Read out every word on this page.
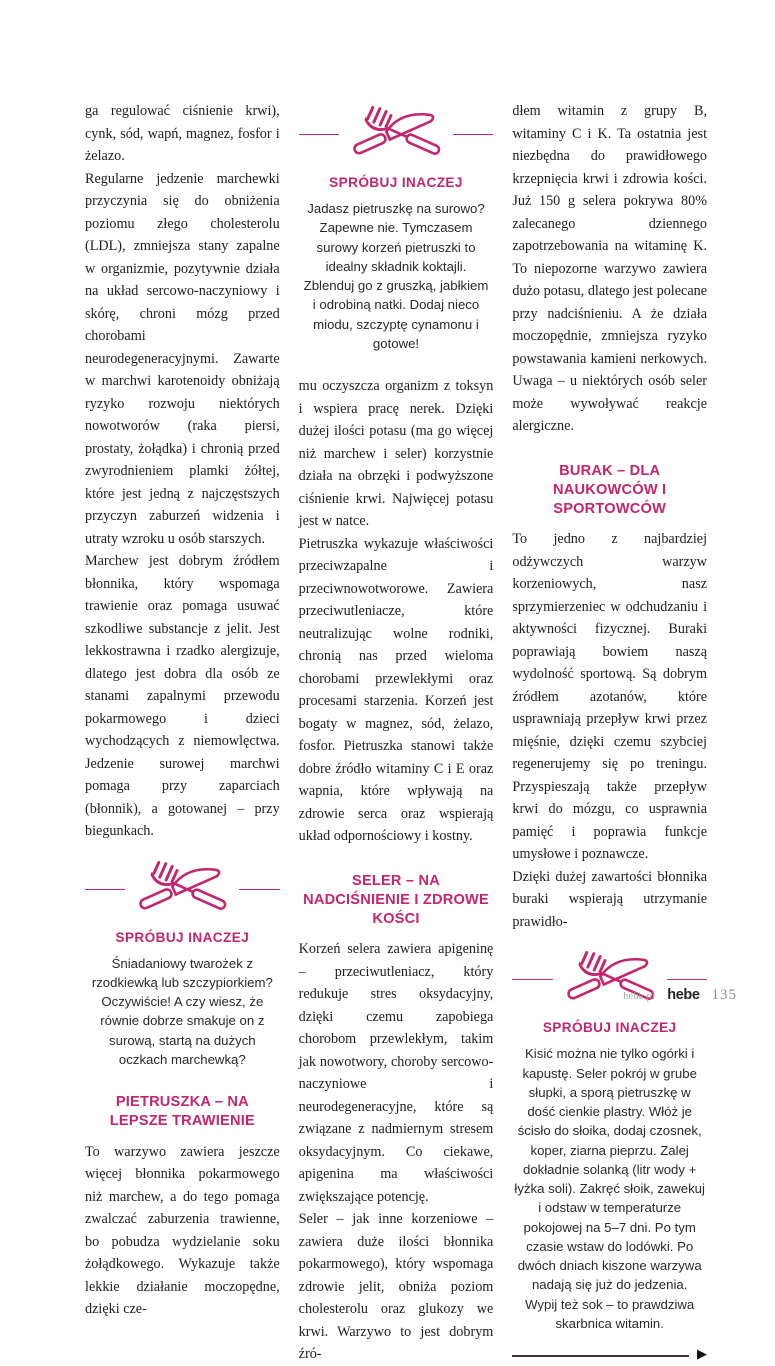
ga regulować ciśnienie krwi), cynk, sód, wapń, magnez, fosfor i żelazo.

Regularne jedzenie marchewki przyczynia się do obniżenia poziomu złego cholesterolu (LDL), zmniejsza stany zapalne w organizmie, pozytywnie działa na układ sercowo-naczyniowy i skórę, chroni mózg przed chorobami neurodegeneracyjnymi. Zawarte w marchwi karotenoidy obniżają ryzyko rozwoju niektórych nowotworów (raka piersi, prostaty, żołądka) i chronią przed zwyrodnieniem plamki żółtej, które jest jedną z najczęstszych przyczyn zaburzeń widzenia i utraty wzroku u osób starszych.

Marchew jest dobrym źródłem błonnika, który wspomaga trawienie oraz pomaga usuwać szkodliwe substancje z jelit. Jest lekkostrawna i rzadko alergizuje, dlatego jest dobra dla osób ze stanami zapalnymi przewodu pokarmowego i dzieci wychodzących z niemowlęctwa. Jedzenie surowej marchwi pomaga przy zaparciach (błonnik), a gotowanej – przy biegunkach.

SPRÓBUJ INACZEJ

Śniadaniowy twarożek z rzodkiewką lub szczypiorkiem? Oczywiście! A czy wiesz, że równie dobrze smakuje on z surową, startą na dużych oczkach marchewką?

PIETRUSZKA – NA LEPSZE TRAWIENIE

To warzywo zawiera jeszcze więcej błonnika pokarmowego niż marchew, a do tego pomaga zwalczać zaburzenia trawienne, bo pobudza wydzielanie soku żołądkowego. Wykazuje także lekkie działanie moczopędne, dzięki cze-

SPRÓBUJ INACZEJ

Jadasz pietruszkę na surowo? Zapewne nie. Tymczasem surowy korzeń pietruszki to idealny składnik koktajli. Zblenduj go z gruszką, jabłkiem i odrobiną natki. Dodaj nieco miodu, szczyptę cynamonu i gotowe!

mu oczyszcza organizm z toksyn i wspiera pracę nerek. Dzięki dużej ilości potasu (ma go więcej niż marchew i seler) korzystnie działa na obrzęki i podwyższone ciśnienie krwi. Najwięcej potasu jest w natce.

Pietruszka wykazuje właściwości przeciwzapalne i przeciwnowotworowe. Zawiera przeciwutleniacze, które neutralizując wolne rodniki, chronią nas przed wieloma chorobami przewlekłymi oraz procesami starzenia. Korzeń jest bogaty w magnez, sód, żelazo, fosfor. Pietruszka stanowi także dobre źródło witaminy C i E oraz wapnia, które wpływają na zdrowie serca oraz wspierają układ odpornościowy i kostny.

SELER – NA NADCIŚNIENIE I ZDROWE KOŚCI

Korzeń selera zawiera apigeninę – przeciwutleniacz, który redukuje stres oksydacyjny, dzięki czemu zapobiega chorobom przewlekłym, takim jak nowotwory, choroby sercowo-naczyniowe i neurodegeneracyjne, które są związane z nadmiernym stresem oksydacyjnym. Co ciekawe, apigenina ma właściwości zwiększające potencję.

Seler – jak inne korzeniowe – zawiera duże ilości błonnika pokarmowego), który wspomaga zdrowie jelit, obniża poziom cholesterolu oraz glukozy we krwi. Warzywo to jest dobrym źró-

dłem witamin z grupy B, witaminy C i K. Ta ostatnia jest niezbędna do prawidłowego krzepnięcia krwi i zdrowia kości. Już 150 g selera pokrywa 80% zalecanego dziennego zapotrzebowania na witaminę K. To niepozorne warzywo zawiera dużo potasu, dlatego jest polecane przy nadciśnieniu. A że działa moczopędnie, zmniejsza ryzyko powstawania kamieni nerkowych. Uwaga – u niektórych osób seler może wywoływać reakcje alergiczne.

BURAK – DLA NAUKOWCÓW I SPORTOWCÓW

To jedno z najbardziej odżywczych warzyw korzeniowych, nasz sprzymierzeniec w odchudzaniu i aktywności fizycznej. Buraki poprawiają bowiem naszą wydolność sportową. Są dobrym źródłem azotanów, które usprawniają przepływ krwi przez mięśnie, dzięki czemu szybciej regenerujemy się po treningu. Przyspieszają także przepływ krwi do mózgu, co usprawnia pamięć i poprawia funkcje umysłowe i poznawcze.

Dzięki dużej zawartości błonnika buraki wspierają utrzymanie prawidło-

SPRÓBUJ INACZEJ

Kisić można nie tylko ogórki i kapustę. Seler pokrój w grube słupki, a sporą pietruszkę w dość cienkie plastry. Włóż je ścisło do słoika, dodaj czosnek, koper, ziarna pieprzu. Zalej dokładnie solanką (litr wody + łyżka soli). Zakręć słoik, zawekuj i odstaw w temperaturze pokojowej na 5–7 dni. Po tym czasie wstaw do lodówki. Po dwóch dniach kiszone warzywa nadają się już do jedzenia. Wypij też sok – to prawdziwa skarbnica witamin.

▶
hebe.pl hebe 135
